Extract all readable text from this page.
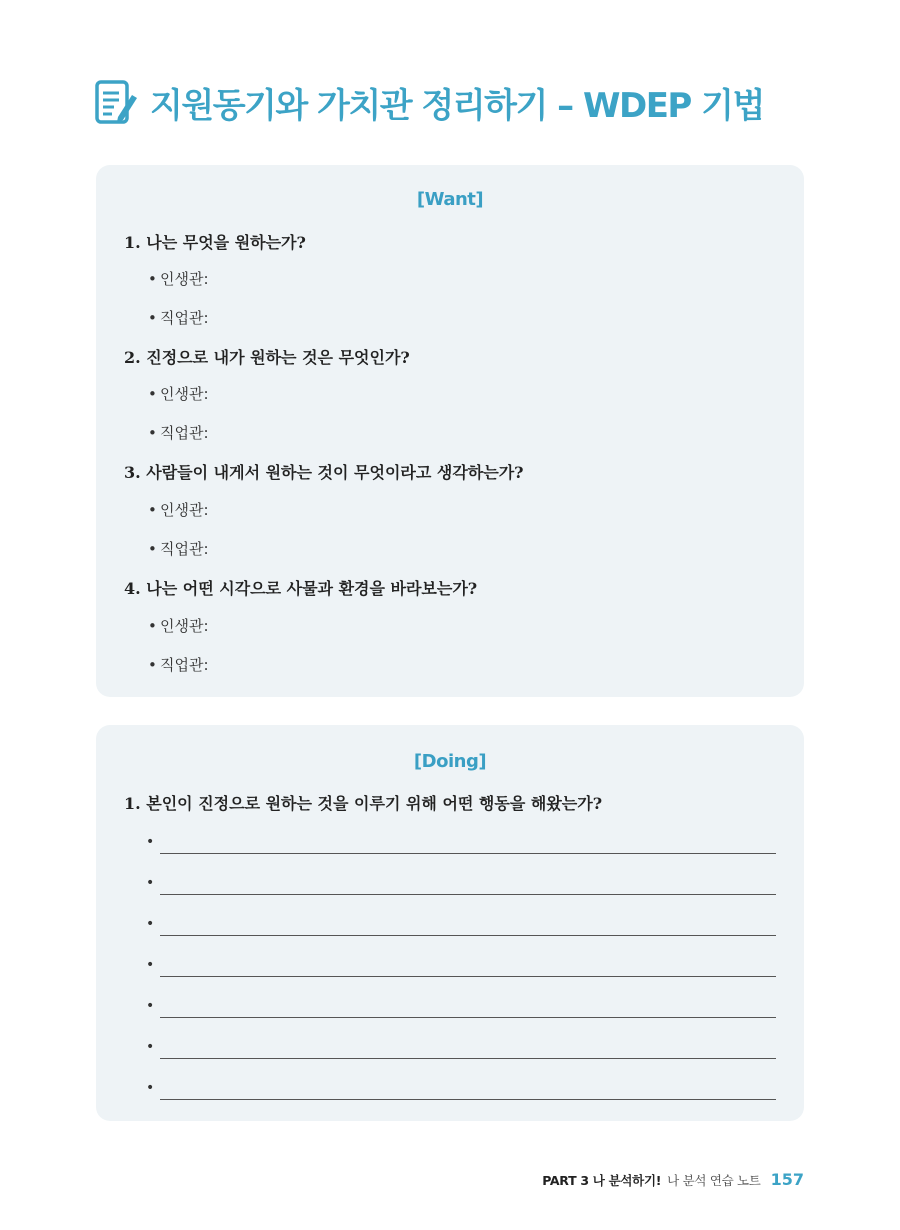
지원동기와 가치관 정리하기 – WDEP 기법
[Want]
1. 나는 무엇을 원하는가?
• 인생관:
• 직업관:
2. 진정으로 내가 원하는 것은 무엇인가?
• 인생관:
• 직업관:
3. 사람들이 내게서 원하는 것이 무엇이라고 생각하는가?
• 인생관:
• 직업관:
4. 나는 어떤 시각으로 사물과 환경을 바라보는가?
• 인생관:
• 직업관:
[Doing]
1. 본인이 진정으로 원하는 것을 이루기 위해 어떤 행동을 해왔는가?
•
•
•
•
•
•
•
PART 3 나 분석하기! 나 분석 연습 노트 157
